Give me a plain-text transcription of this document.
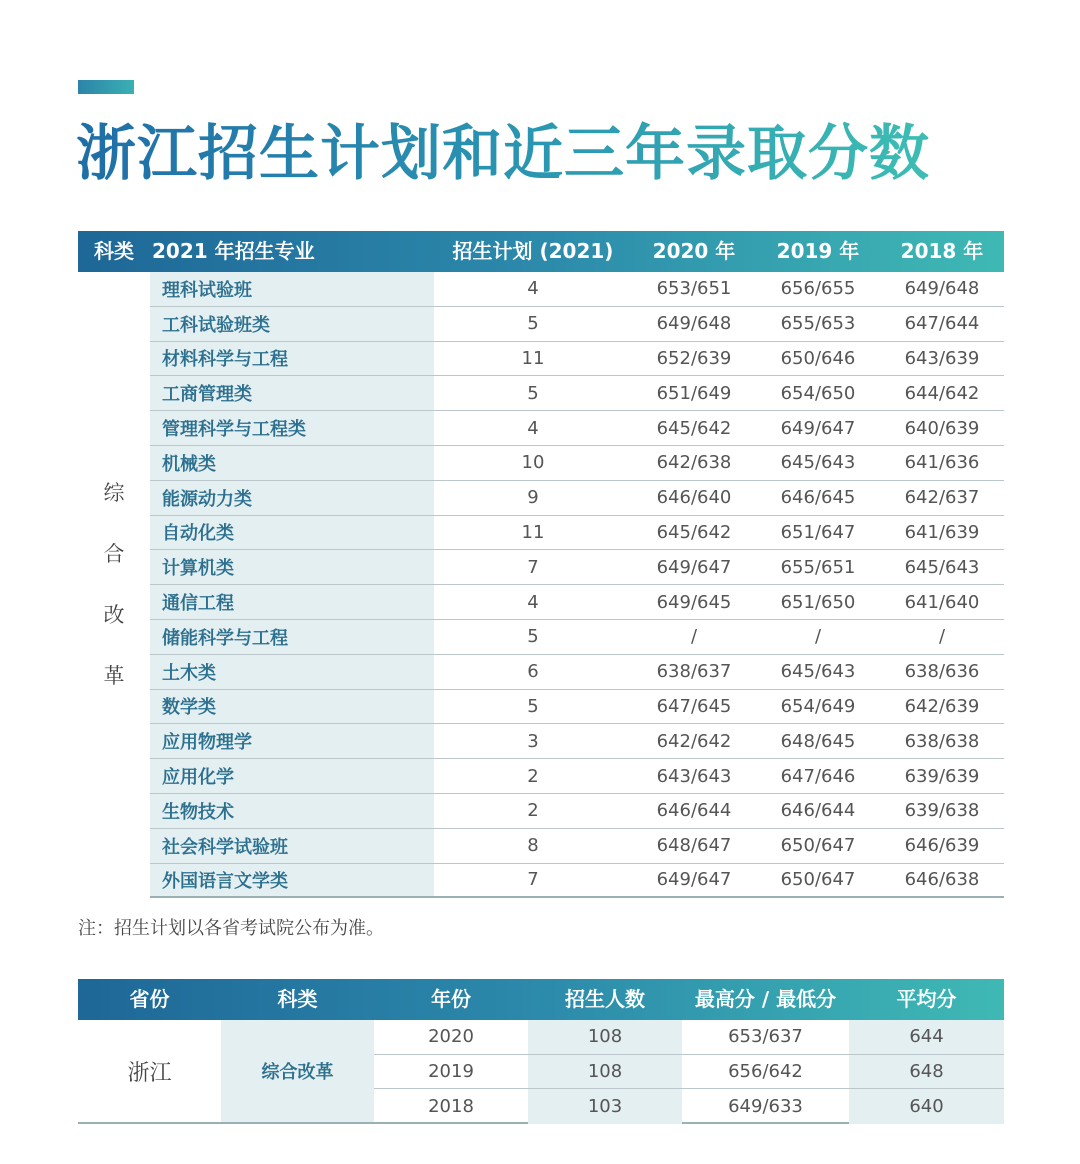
浙江招生计划和近三年录取分数
科类 2021 年招生专业	招生计划 (2021)	2020 年	2019 年	2018 年
综
合
改
革
理科试验班	4	653/651	656/655	649/648
工科试验班类	5	649/648	655/653	647/644
材料科学与工程	11	652/639	650/646	643/639
工商管理类	5	651/649	654/650	644/642
管理科学与工程类	4	645/642	649/647	640/639
机械类	10	642/638	645/643	641/636
能源动力类	9	646/640	646/645	642/637
自动化类	11	645/642	651/647	641/639
计算机类	7	649/647	655/651	645/643
通信工程	4	649/645	651/650	641/640
储能科学与工程	5	/	/	/
土木类	6	638/637	645/643	638/636
数学类	5	647/645	654/649	642/639
应用物理学	3	642/642	648/645	638/638
应用化学	2	643/643	647/646	639/639
生物技术	2	646/644	646/644	639/638
社会科学试验班	8	648/647	650/647	646/639
外国语言文学类	7	649/647	650/647	646/638
注：招生计划以各省考试院公布为准。
省份	科类	年份	招生人数	最高分 / 最低分	平均分
浙江	综合改革
2020	108	653/637	644
2019	108	656/642	648
2018	103	649/633	640
